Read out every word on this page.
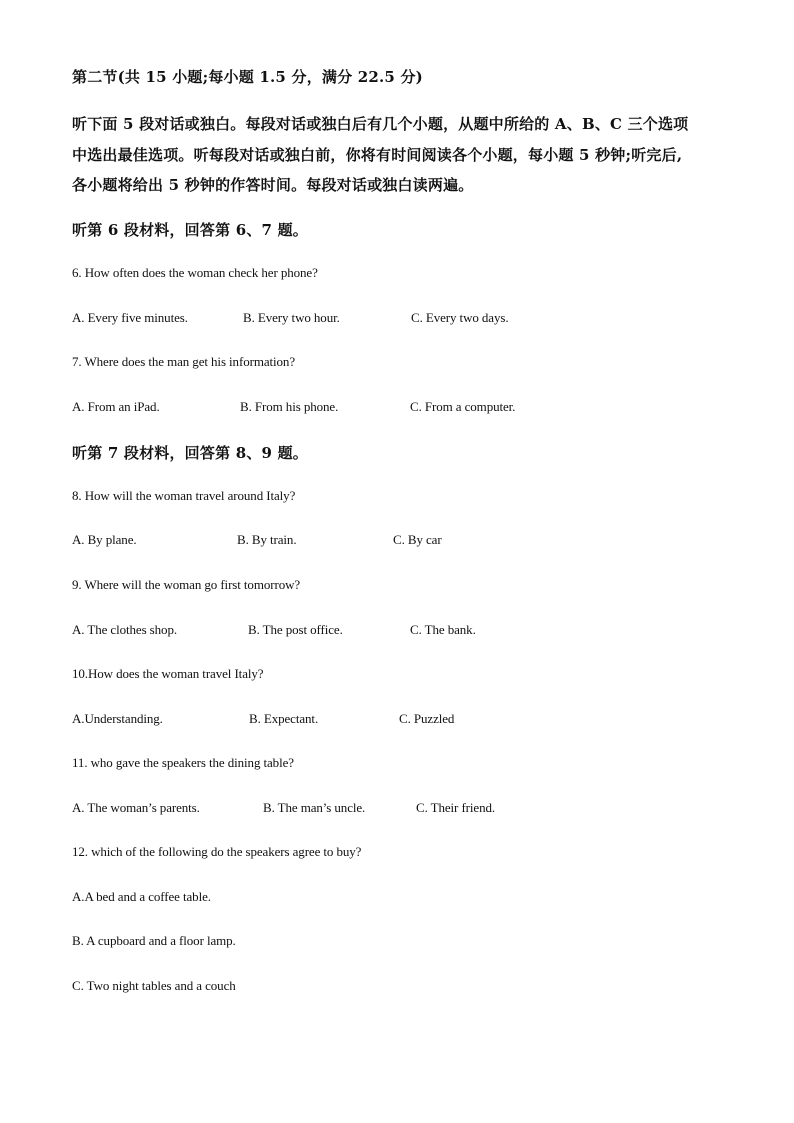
第二节(共 15 小题;每小题 1.5 分，满分 22.5 分)
听下面 5 段对话或独白。每段对话或独白后有几个小题，从题中所给的 A、B、C 三个选项
中选出最佳选项。听每段对话或独白前，你将有时间阅读各个小题，每小题 5 秒钟;听完后,
各小题将给出 5 秒钟的作答时间。每段对话或独白读两遍。
听第 6 段材料，回答第 6、7 题。
6. How often does the woman check her phone?
A. Every five minutes.	B. Every two hour.	C. Every two days.
7. Where does the man get his information?
A. From an iPad.	B. From his phone.	C. From a computer.
听第 7 段材料，回答第 8、9 题。
8. How will the woman travel around Italy?
A. By plane.	B. By train.	C. By car
9. Where will the woman go first tomorrow?
A. The clothes shop.	B. The post office.	C. The bank.
10.How does the woman travel Italy?
A.Understanding.	B. Expectant.	C. Puzzled
11. who gave the speakers the dining table?
A. The woman’s parents.	B. The man’s uncle.	C. Their friend.
12. which of the following do the speakers agree to buy?
A.A bed and a coffee table.
B. A cupboard and a floor lamp.
C. Two night tables and a couch
